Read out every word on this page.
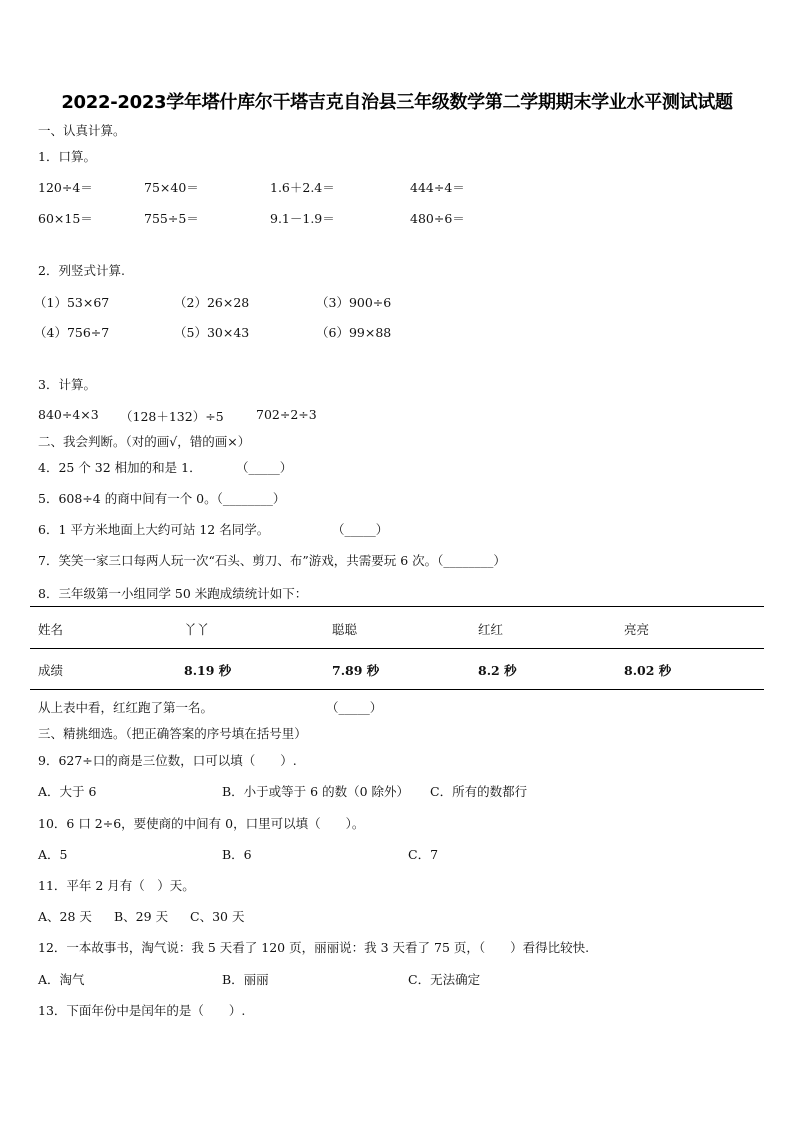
2022-2023学年塔什库尔干塔吉克自治县三年级数学第二学期期末学业水平测试试题
一、认真计算。
1．口算。
120÷4＝	75×40＝	1.6＋2.4＝	444÷4＝
60×15＝	755÷5＝	9.1－1.9＝	480÷6＝
2．列竖式计算.
（1）53×67	（2）26×28	（3）900÷6
（4）756÷7	（5）30×43	（6）99×88
3．计算。
840÷4×3 （128＋132）÷5	702÷2÷3
二、我会判断。（对的画√，错的画×）
4．25 个 32 相加的和是 1．	（_____）
5．608÷4 的商中间有一个 0。（________）
6．1 平方米地面上大约可站 12 名同学。	（_____）
7．笑笑一家三口每两人玩一次“石头、剪刀、布”游戏，共需要玩 6 次。（________）
8．三年级第一小组同学 50 米跑成绩统计如下：
姓名	丫丫	聪聪	红红	亮亮
成绩	8.19 秒	7.89 秒	8.2 秒	8.02 秒
从上表中看，红红跑了第一名。	（_____）
三、精挑细选。（把正确答案的序号填在括号里）
9．627÷口的商是三位数，口可以填（　　）.
A．大于 6	B．小于或等于 6 的数（0 除外） C．所有的数都行
10．6 口 2÷6，要使商的中间有 0，口里可以填（　　）。
A．5	B．6	C．7
11．平年 2 月有（　）天。
A、28 天 B、29 天 C、30 天
12．一本故事书，淘气说：我 5 天看了 120 页，丽丽说：我 3 天看了 75 页，（　　）看得比较快.
A．淘气	B．丽丽	C．无法确定
13．下面年份中是闰年的是（　　）.
